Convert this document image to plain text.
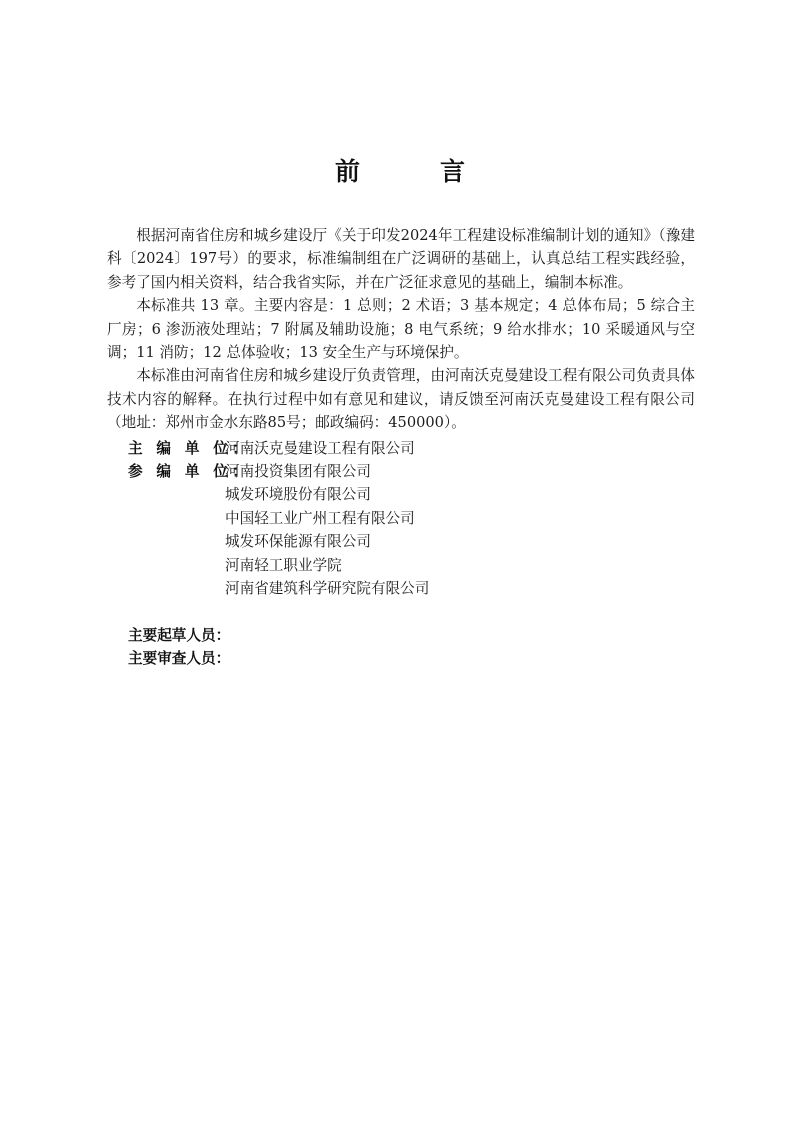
前　　言

根据河南省住房和城乡建设厅《关于印发2024年工程建设标准编制计划的通知》（豫建科〔2024〕197号）的要求，标准编制组在广泛调研的基础上，认真总结工程实践经验，参考了国内相关资料，结合我省实际，并在广泛征求意见的基础上，编制本标准。

本标准共 13 章。主要内容是：1 总则；2 术语；3 基本规定；4 总体布局；5 综合主厂房；6 渗沥液处理站；7 附属及辅助设施；8 电气系统；9 给水排水；10 采暖通风与空调；11 消防；12 总体验收；13 安全生产与环境保护。

本标准由河南省住房和城乡建设厅负责管理，由河南沃克曼建设工程有限公司负责具体技术内容的解释。在执行过程中如有意见和建议，请反馈至河南沃克曼建设工程有限公司（地址：郑州市金水东路85号；邮政编码：450000）。

主 编 单 位：
河南沃克曼建设工程有限公司
参 编 单 位：
河南投资集团有限公司
城发环境股份有限公司
中国轻工业广州工程有限公司
城发环保能源有限公司
河南轻工职业学院
河南省建筑科学研究院有限公司
主要起草人员：
主要审查人员：
